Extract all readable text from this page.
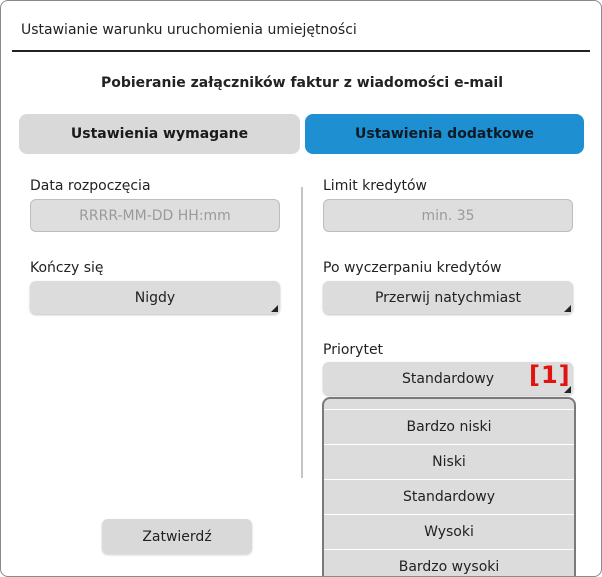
Ustawianie warunku uruchomienia umiejętności
Pobieranie załączników faktur z wiadomości e-mail
Ustawienia wymagane	Ustawienia dodatkowe
Data rozpoczęcia
RRRR-MM-DD HH:mm
Kończy się
Nigdy
Limit kredytów
min. 35
Po wyczerpaniu kredytów
Przerwij natychmiast
Priorytet
Standardowy	[1]
Bardzo niski
Niski
Standardowy
Wysoki
Bardzo wysoki
Zatwierdź
